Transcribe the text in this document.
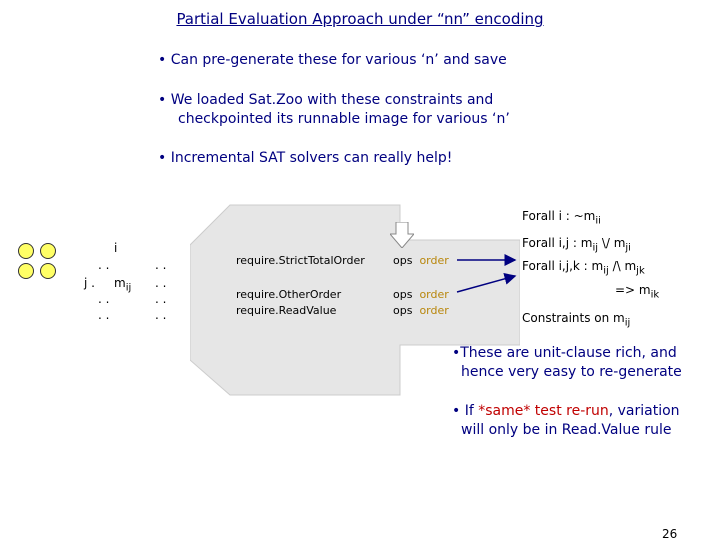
Partial Evaluation Approach under “nn” encoding
• Can pre-generate these for various ‘n’ and save
• We loaded Sat.Zoo with these constraints and
checkpointed its runnable image for various ‘n’
• Incremental SAT solvers can really help!
i
. .
j . $m_{ij}$
. .
. .
. .
. .
. .
. .
require.StrictTotalOrder
require.OtherOrder
require.ReadValue
ops order
ops order
ops order
Forall i : $\sim m_{ii}$
Forall i,j : $m_{ij}$ \/ $m_{ji}$
Forall i,j,k : $m_{ij}$ /\ $m_{jk}$
=> $m_{ik}$
Constraints on $m_{ij}$
•These are unit-clause rich, and
hence very easy to re-generate
• If *same* test re-run, variation
will only be in Read.Value rule
26
